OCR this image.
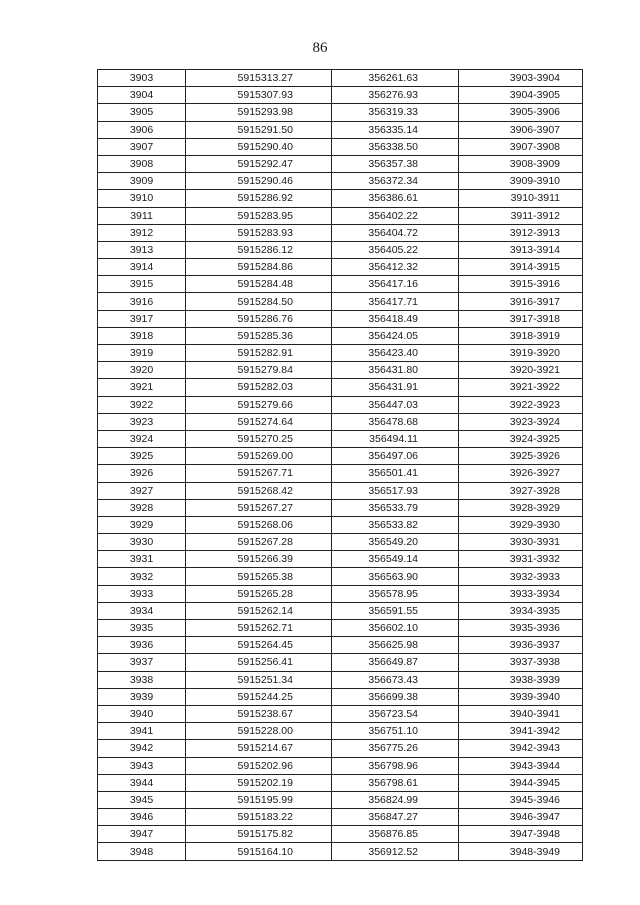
86
3903	5915313.27	356261.63	3903-3904
3904	5915307.93	356276.93	3904-3905
3905	5915293.98	356319.33	3905-3906
3906	5915291.50	356335.14	3906-3907
3907	5915290.40	356338.50	3907-3908
3908	5915292.47	356357.38	3908-3909
3909	5915290.46	356372.34	3909-3910
3910	5915286.92	356386.61	3910-3911
3911	5915283.95	356402.22	3911-3912
3912	5915283.93	356404.72	3912-3913
3913	5915286.12	356405.22	3913-3914
3914	5915284.86	356412.32	3914-3915
3915	5915284.48	356417.16	3915-3916
3916	5915284.50	356417.71	3916-3917
3917	5915286.76	356418.49	3917-3918
3918	5915285.36	356424.05	3918-3919
3919	5915282.91	356423.40	3919-3920
3920	5915279.84	356431.80	3920-3921
3921	5915282.03	356431.91	3921-3922
3922	5915279.66	356447.03	3922-3923
3923	5915274.64	356478.68	3923-3924
3924	5915270.25	356494.11	3924-3925
3925	5915269.00	356497.06	3925-3926
3926	5915267.71	356501.41	3926-3927
3927	5915268.42	356517.93	3927-3928
3928	5915267.27	356533.79	3928-3929
3929	5915268.06	356533.82	3929-3930
3930	5915267.28	356549.20	3930-3931
3931	5915266.39	356549.14	3931-3932
3932	5915265.38	356563.90	3932-3933
3933	5915265.28	356578.95	3933-3934
3934	5915262.14	356591.55	3934-3935
3935	5915262.71	356602.10	3935-3936
3936	5915264.45	356625.98	3936-3937
3937	5915256.41	356649.87	3937-3938
3938	5915251.34	356673.43	3938-3939
3939	5915244.25	356699.38	3939-3940
3940	5915238.67	356723.54	3940-3941
3941	5915228.00	356751.10	3941-3942
3942	5915214.67	356775.26	3942-3943
3943	5915202.96	356798.96	3943-3944
3944	5915202.19	356798.61	3944-3945
3945	5915195.99	356824.99	3945-3946
3946	5915183.22	356847.27	3946-3947
3947	5915175.82	356876.85	3947-3948
3948	5915164.10	356912.52	3948-3949
